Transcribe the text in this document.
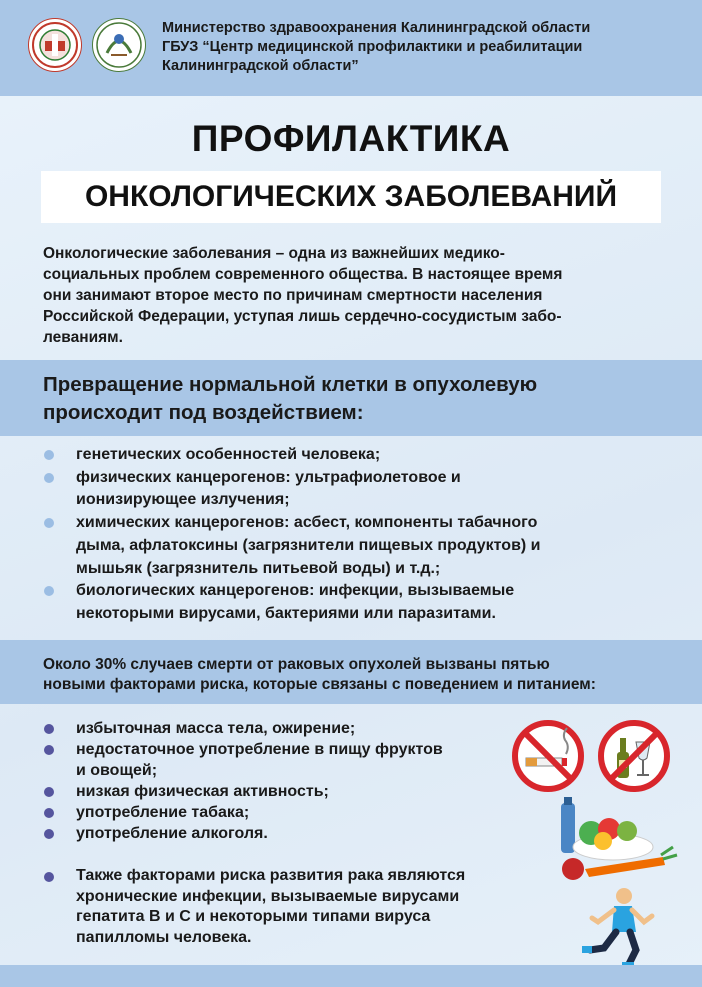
Министерство здравоохранения Калининградской области
ГБУЗ “Центр медицинской профилактики и реабилитации
Калининградской области”
ПРОФИЛАКТИКА
ОНКОЛОГИЧЕСКИХ ЗАБОЛЕВАНИЙ

Онкологические заболевания – одна из важнейших медико-

социальных проблем современного общества. В настоящее время

они занимают второе место по причинам смертности населения

Российской Федерации, уступая лишь сердечно-сосудистым забо-

леваниям.

Превращение нормальной клетки в опухолевую
происходит под воздействием:
генетических особенностей человека;
физических канцерогенов: ультрафиолетовое и
ионизирующее излучения;
химических канцерогенов: асбест, компоненты табачного
дыма, афлатоксины (загрязнители пищевых продуктов) и
мышьяк (загрязнитель питьевой воды) и т.д.;
биологических канцерогенов: инфекции, вызываемые
некоторыми вирусами, бактериями или паразитами.
Около 30% случаев смерти от раковых опухолей вызваны пятью
новыми факторами риска, которые связаны с поведением и питанием:
избыточная масса тела, ожирение;
недостаточное употребление в пищу фруктов
и овощей;
низкая физическая активность;
употребление табака;
употребление алкоголя.
Также факторами риска развития рака являются
хронические инфекции, вызываемые вирусами
гепатита В и С и некоторыми типами вируса
папилломы человека.
